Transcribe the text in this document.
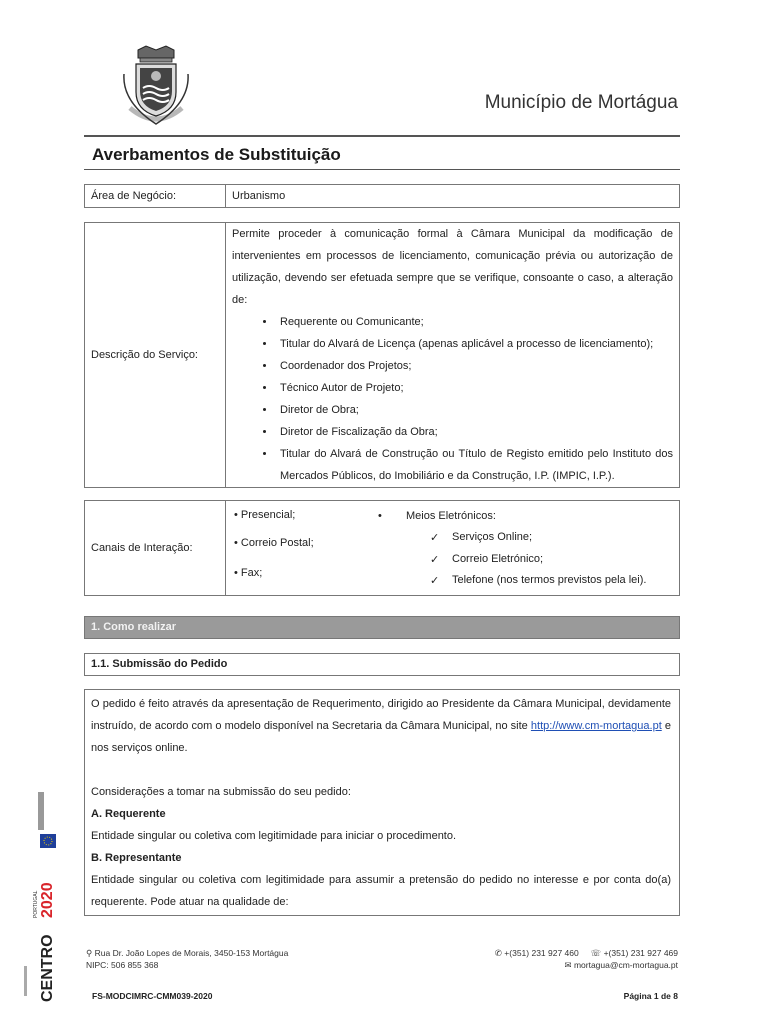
Município de Mortágua
Averbamentos de Substituição
Área de Negócio:	Urbanismo
Descrição do Serviço:	
Permite proceder à comunicação formal à Câmara Municipal da modificação de intervenientes em processos de licenciamento, comunicação prévia ou autorização de utilização, devendo ser efetuada sempre que se verifique, consoante o caso, a alteração de:
• Requerente ou Comunicante;
• Titular do Alvará de Licença (apenas aplicável a processo de licenciamento);
• Coordenador dos Projetos;
• Técnico Autor de Projeto;
• Diretor de Obra;
• Diretor de Fiscalização da Obra;
• Titular do Alvará de Construção ou Título de Registo emitido pelo Instituto dos Mercados Públicos, do Imobiliário e da Construção, I.P. (IMPIC, I.P.).
Canais de Interação:	
• Presencial;
• Correio Postal;
• Fax;
• Meios Eletrónicos:
✓ Serviços Online;
✓ Correio Eletrónico;
✓ Telefone (nos termos previstos pela lei).
1. Como realizar
1.1. Submissão do Pedido
O pedido é feito através da apresentação de Requerimento, dirigido ao Presidente da Câmara Municipal, devidamente instruído, de acordo com o modelo disponível na Secretaria da Câmara Municipal, no site http://www.cm-mortagua.pt e nos serviços online.
Considerações a tomar na submissão do seu pedido:
A. Requerente
Entidade singular ou coletiva com legitimidade para iniciar o procedimento.
B. Representante
Entidade singular ou coletiva com legitimidade para assumir a pretensão do pedido no interesse e por conta do(a) requerente. Pode atuar na qualidade de:
⚲ Rua Dr. João Lopes de Morais, 3450-153 Mortágua
NIPC: 506 855 368
✆ +(351) 231 927 460 ☏ +(351) 231 927 469
✉ mortagua@cm-mortagua.pt
FS-MODCIMRC-CMM039-2020	Página 1 de 8
2020
PORTUGAL
CENTRO
